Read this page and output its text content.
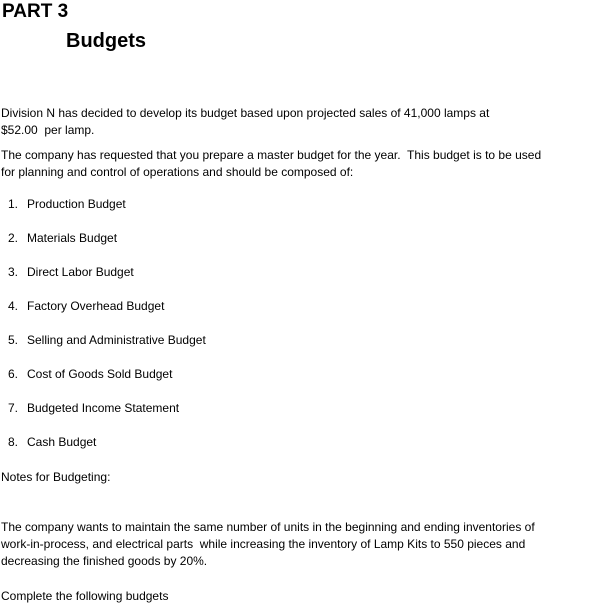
PART 3
Budgets
Division N has decided to develop its budget based upon projected sales of 41,000 lamps at
$52.00  per lamp.
The company has requested that you prepare a master budget for the year.  This budget is to be used
for planning and control of operations and should be composed of:
1. Production Budget
2. Materials Budget
3. Direct Labor Budget
4. Factory Overhead Budget
5. Selling and Administrative Budget
6. Cost of Goods Sold Budget
7. Budgeted Income Statement
8. Cash Budget
Notes for Budgeting:
The company wants to maintain the same number of units in the beginning and ending inventories of
work-in-process, and electrical parts  while increasing the inventory of Lamp Kits to 550 pieces and
decreasing the finished goods by 20%.
Complete the following budgets
